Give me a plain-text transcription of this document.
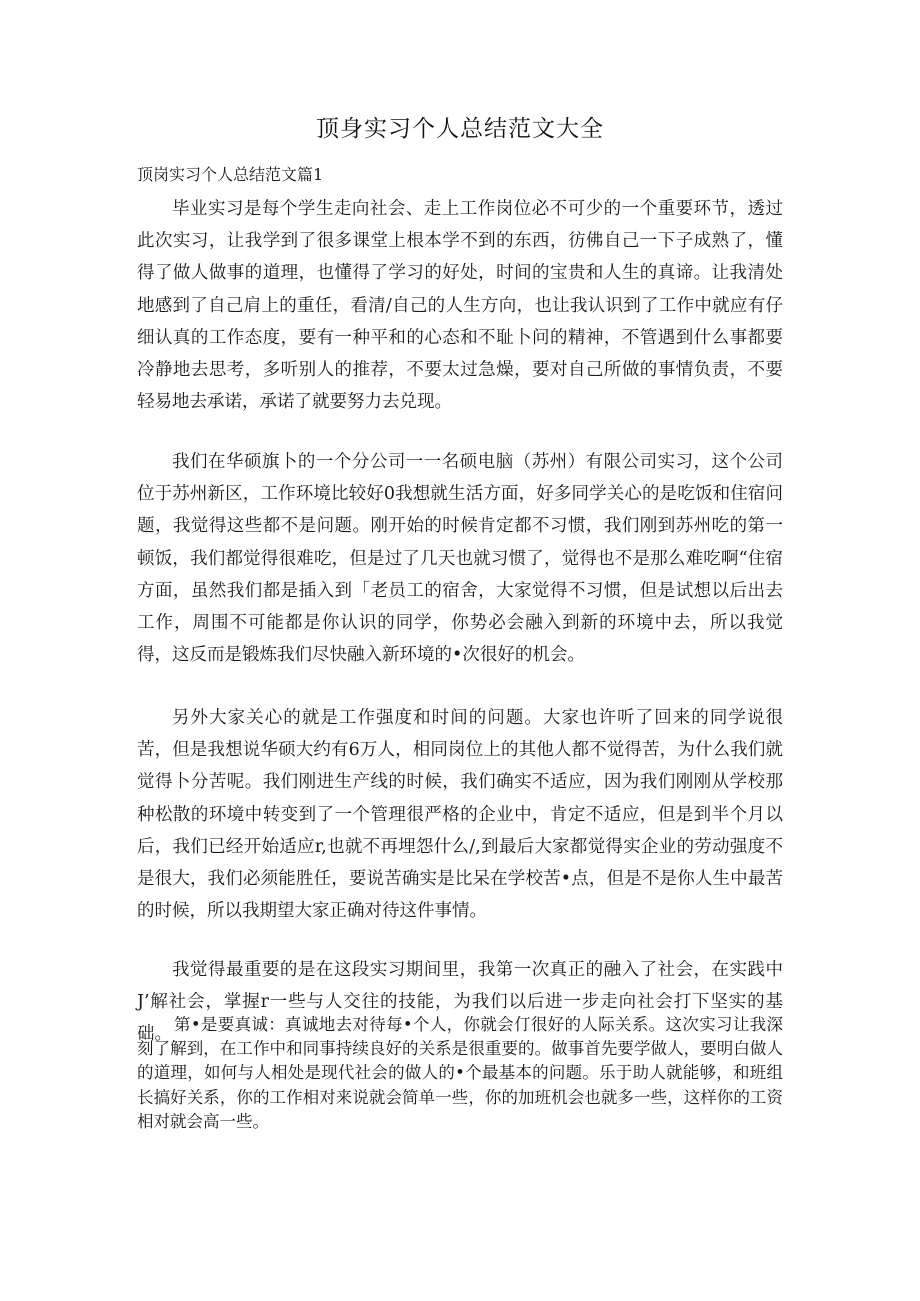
顶身实习个人总结范文大全
顶岗实习个人总结范文篇1

毕业实习是每个学生走向社会、走上工作岗位必不可少的一个重要环节，透过此次实习，让我学到了很多课堂上根本学不到的东西，彷佛自己一下子成熟了，懂得了做人做事的道理，也懂得了学习的好处，时间的宝贵和人生的真谛。让我清处地感到了自己肩上的重任，看清/自己的人生方向，也让我认识到了工作中就应有仔细认真的工作态度，要有一种平和的心态和不耻卜问的精神，不管遇到什么事都要冷静地去思考，多听别人的推荐，不要太过急燥，要对自己所做的事情负责，不要轻易地去承诺，承诺了就要努力去兑现。

我们在华硕旗卜的一个分公司一一名硕电脑（苏州）有限公司实习，这个公司位于苏州新区，工作环境比较好0我想就生活方面，好多同学关心的是吃饭和住宿问题，我觉得这些都不是问题。刚开始的时候肯定都不习惯，我们刚到苏州吃的第一顿饭，我们都觉得很难吃，但是过了几天也就习惯了，觉得也不是那么难吃啊“住宿方面，虽然我们都是插入到「老员工的宿舍，大家觉得不习惯，但是试想以后出去工作，周围不可能都是你认识的同学，你势必会融入到新的环境中去，所以我觉得，这反而是锻炼我们尽快融入新环境的•次很好的机会。

另外大家关心的就是工作强度和时间的问题。大家也许听了回来的同学说很苦，但是我想说华硕大约有6万人，相同岗位上的其他人都不觉得苦，为什么我们就觉得卜分苦呢。我们刚进生产线的时候，我们确实不适应，因为我们刚刚从学校那种松散的环境中转变到了一个管理很严格的企业中，肯定不适应，但是到半个月以后，我们已经开始适应r,也就不再埋怨什么/,到最后大家都觉得实企业的劳动强度不是很大，我们必须能胜任，要说苦确实是比呆在学校苦•点，但是不是你人生中最苦的时候，所以我期望大家正确对待这件事情。

我觉得最重要的是在这段实习期间里，我第一次真正的融入了社会，在实践中J’解社会，掌握r一些与人交往的技能，为我们以后进一步走向社会打下坚实的基础。 第•是要真诚：真诚地去对待每•个人，你就会仃很好的人际关系。这次实习让我深刻了解到，在工作中和同事持续良好的关系是很重要的。做事首先要学做人，要明白做人的道理，如何与人相处是现代社会的做人的•个最基本的问题。乐于助人就能够，和班组长搞好关系，你的工作相对来说就会简单一些，你的加班机会也就多一些，这样你的工资相对就会高一些。
